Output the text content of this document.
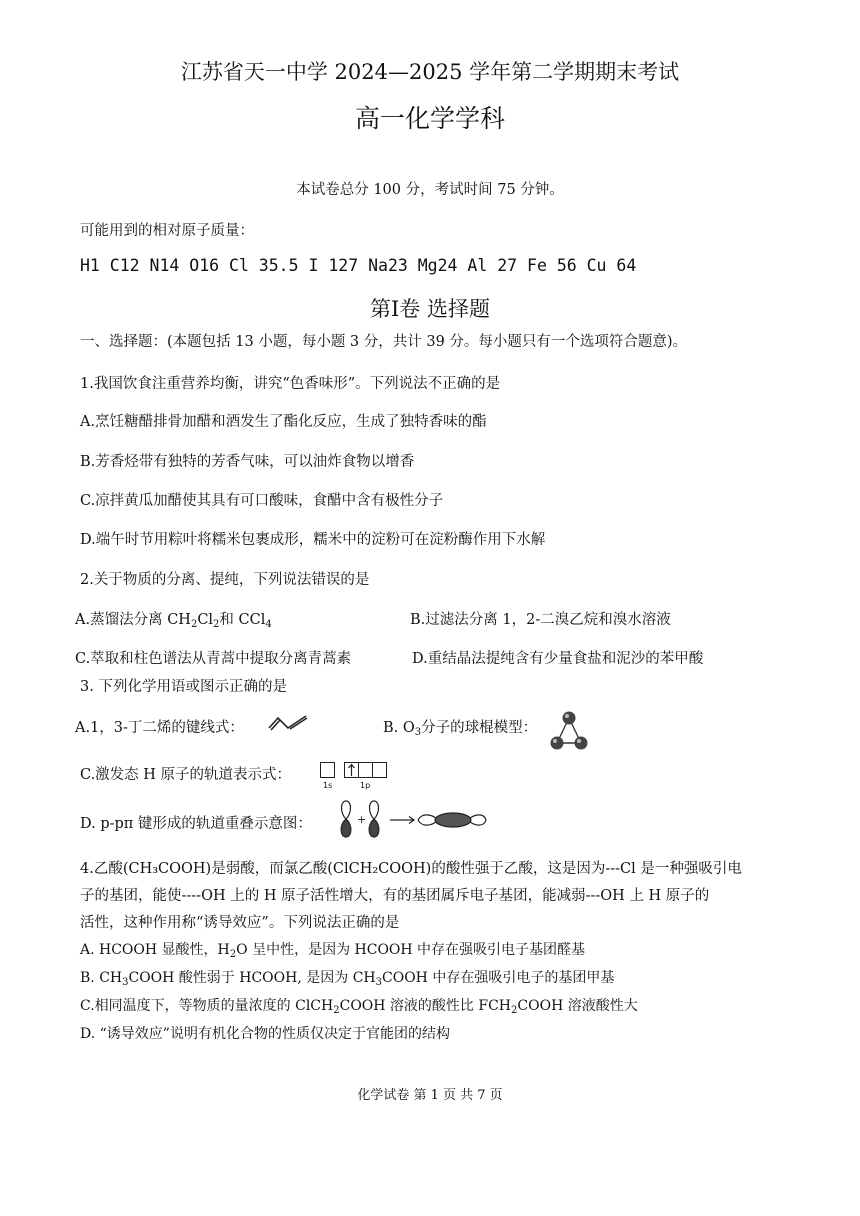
江苏省天一中学 2024—2025 学年第二学期期末考试
高一化学学科
本试卷总分 100 分，考试时间 75 分钟。
可能用到的相对原子质量：
H1 C12 N14 O16 Cl 35.5 I 127 Na23 Mg24 Al 27 Fe 56 Cu 64
第Ⅰ卷 选择题
一、选择题：(本题包括 13 小题，每小题 3 分，共计 39 分。每小题只有一个选项符合题意)。
1.我国饮食注重营养均衡，讲究“色香味形”。下列说法不正确的是
A.烹饪糖醋排骨加醋和酒发生了酯化反应，生成了独特香味的酯
B.芳香烃带有独特的芳香气味，可以油炸食物以增香
C.凉拌黄瓜加醋使其具有可口酸味，食醋中含有极性分子
D.端午时节用粽叶将糯米包裹成形，糯米中的淀粉可在淀粉酶作用下水解
2.关于物质的分离、提纯，下列说法错误的是
A.蒸馏法分离 $CH_2Cl_2$和 CCl$_4$	B.过滤法分离 1，2-二溴乙烷和溴水溶液
C.萃取和柱色谱法从青蒿中提取分离青蒿素	D.重结晶法提纯含有少量食盐和泥沙的苯甲酸
3. 下列化学用语或图示正确的是
A.1，3-丁二烯的键线式：	B. $O_3$分子的球棍模型：
C.激发态 H 原子的轨道表示式：
1s	1p
D. p-pπ 键形成的轨道重叠示意图：	+
4.乙酸(CH₃COOH)是弱酸，而氯乙酸(ClCH₂COOH)的酸性强于乙酸，这是因为---Cl 是一种强吸引电
子的基团，能使----OH 上的 H 原子活性增大，有的基团属斥电子基团，能减弱---OH 上 H 原子的
活性，这种作用称“诱导效应”。下列说法正确的是
A. HCOOH 显酸性，$H_2O$ 呈中性，是因为 HCOOH 中存在强吸引电子基团醛基
B. $CH_3COOH$ 酸性弱于 HCOOH, 是因为 $CH_3COOH$ 中存在强吸引电子的基团甲基
C.相同温度下，等物质的量浓度的 ClCH$_2$COOH 溶液的酸性比 $FCH_2COOH$ 溶液酸性大
D. “诱导效应”说明有机化合物的性质仅决定于官能团的结构
化学试卷 第 1 页 共 7 页
